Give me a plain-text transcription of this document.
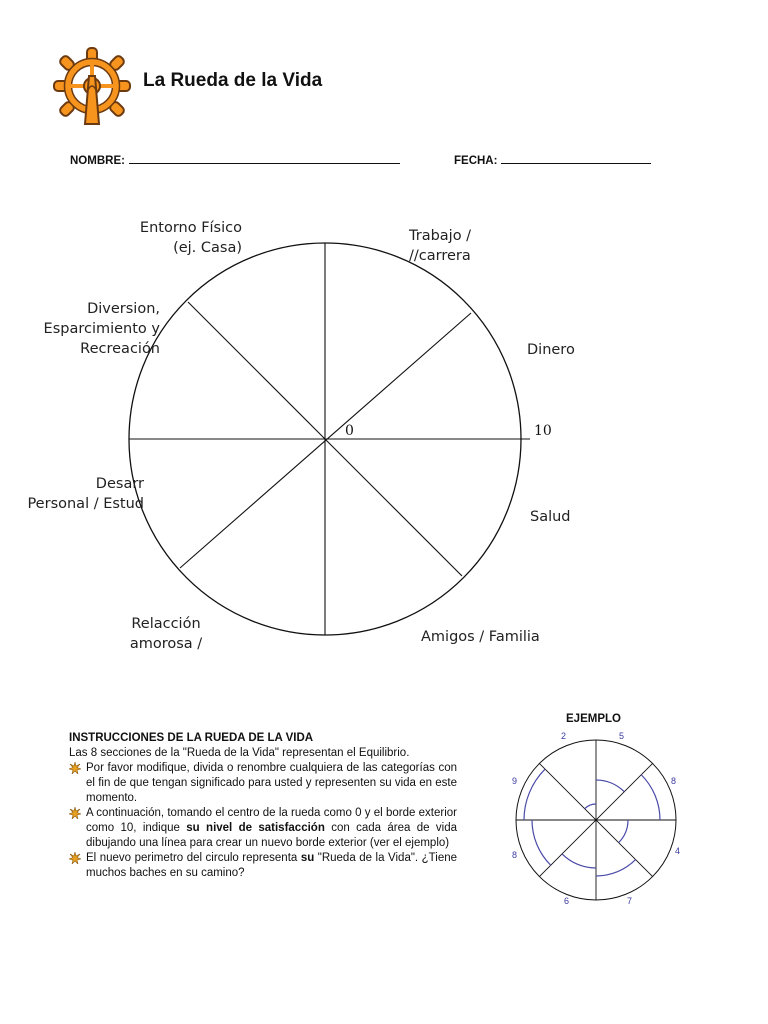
La Rueda de la Vida
NOMBRE:	FECHA:
0	10
Entorno Físico
(ej. Casa)
Trabajo /
//carrera
Diversion,
Esparcimiento y
Recreación	Dinero
Desarr
Personal / Estud
Salud
Relacción
amorosa /	Amigos / Familia
INSTRUCCIONES DE LA RUEDA DE LA VIDA

Las 8 secciones de la "Rueda de la Vida" representan el Equilibrio.

Por favor modifique, divida o renombre cualquiera de las categorías con el fin de que tengan significado para usted y representen su vida en este momento.
A continuación, tomando el centro de la rueda como 0 y el borde exterior como 10, indique su nivel de satisfacción con cada área de vida dibujando una línea para crear un nuevo borde exterior (ver el ejemplo)
El nuevo perimetro del circulo representa su "Rueda de la Vida". ¿Tiene muchos baches en su camino?
EJEMPLO
5
8
4
7
6
8
9
2
